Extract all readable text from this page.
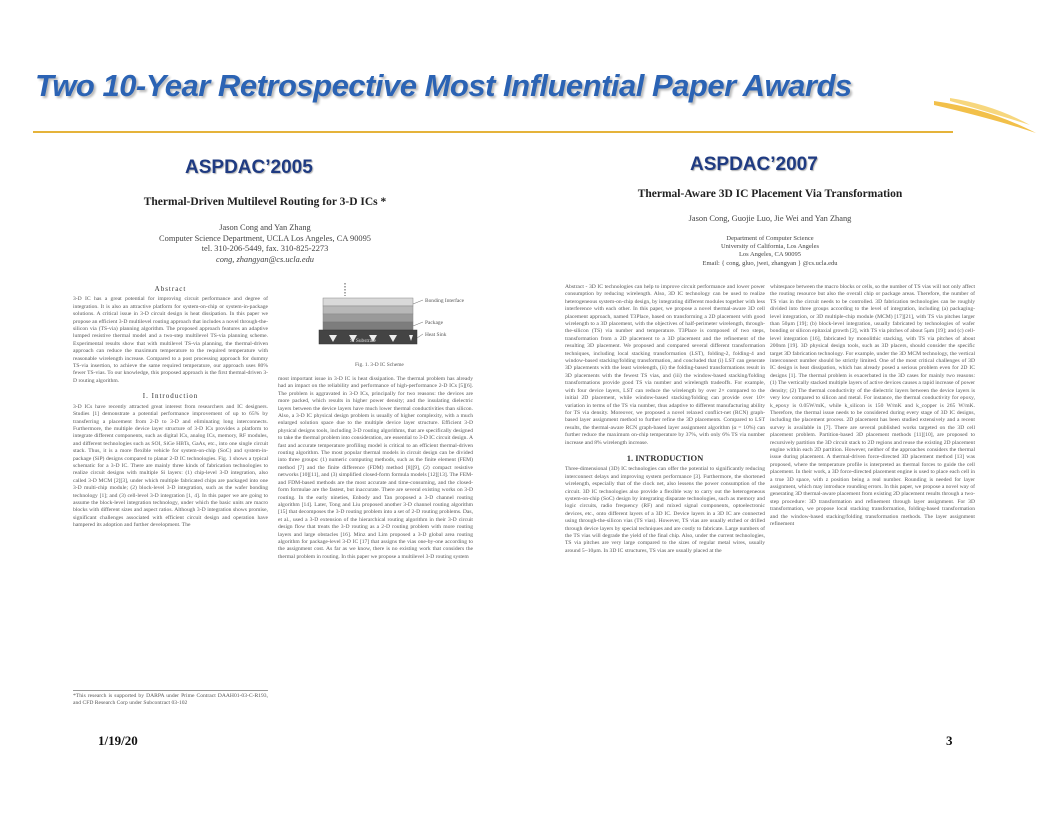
Two 10-Year Retrospective Most Influential Paper Awards
ASPDAC’2005	ASPDAC’2007
Thermal-Driven Multilevel Routing for 3-D ICs *
Jason Cong and Yan Zhang
Computer Science Department, UCLA Los Angeles, CA 90095
tel. 310-206-5449, fax. 310-825-2273
cong, zhangyan@cs.ucla.edu
Abstract
3-D IC has a great potential for improving circuit performance and degree of integration. It is also an attractive platform for system-on-chip or system-in-package solutions. A critical issue in 3-D circuit design is heat dissipation. In this paper we propose an efficient 3-D multilevel routing approach that includes a novel through-the-silicon via (TS-via) planning algorithm. The proposed approach features an adaptive lumped resistive thermal model and a two-step multilevel TS-via planning scheme. Experimental results show that with multilevel TS-via planning, the thermal-driven approach can reduce the maximum temperature to the required temperature with reasonable wirelength increase. Compared to a post processing approach for dummy TS-via insertion, to achieve the same required temperature, our approach uses 80% fewer TS-vias. To our knowledge, this proposed approach is the first thermal-driven 3-D routing algorithm.
I. Introduction
3-D ICs have recently attracted great interest from researchers and IC designers. Studies [1] demonstrate a potential performance improvement of up to 65% by transferring a placement from 2-D to 3-D and eliminating long interconnects. Furthermore, the multiple device layer structure of 3-D ICs provides a platform to integrate different components, such as digital ICs, analog ICs, memory, RF modules, and different technologies such as SOI, SiGe HBTs, GaAs, etc., into one single circuit stack. Thus, it is a more flexible vehicle for system-on-chip (SoC) and system-in-package (SiP) designs compared to planar 2-D IC technologies. Fig. 1 shows a typical schematic for a 3-D IC. There are mainly three kinds of fabrication technologies to realize circuit designs with multiple Si layers: (1) chip-level 3-D integration, also called 3-D MCM [2][3], under which multiple fabricated chips are packaged into one 3-D multi-chip module; (2) block-level 3-D integration, such as the wafer bonding technology [1]; and (3) cell-level 3-D integration [1, 4]. In this paper we are going to assume the block-level integration technology, under which the basic units are macro blocks with different sizes and aspect ratios. Although 3-D integration shows promise, significant challenges associated with efficient circuit design and operation have hampered its adoption and further development. The
*This research is supported by DARPA under Prime Contract DAAH01-03-C-R193, and CFD Research Corp under Subcontract 03-102
Bonding Interface
Package
Heat Sink
Si Substrate
Fig. 1. 3-D IC Scheme
most important issue in 3-D IC is heat dissipation. The thermal problem has already had an impact on the reliability and performance of high-performance 2-D ICs [5][6]. The problem is aggravated in 3-D ICs, principally for two reasons: the devices are more packed, which results in higher power density; and the insulating dielectric layers between the device layers have much lower thermal conductivities than silicon. Also, a 3-D IC physical design problem is usually of higher complexity, with a much enlarged solution space due to the multiple device layer structure. Efficient 3-D physical designs tools, including 3-D routing algorithms, that are specifically designed to take the thermal problem into consideration, are essential to 3-D IC circuit design. A fast and accurate temperature profiling model is critical to an efficient thermal-driven routing algorithm. The most popular thermal models in circuit design can be divided into three groups: (1) numeric computing methods, such as the finite element (FEM) method [7] and the finite difference (FDM) method [8][9], (2) compact resistive networks [10][11], and (3) simplified closed-form formula models [12][13]. The FEM- and FDM-based methods are the most accurate and time-consuming, and the closed-form formulae are the fastest, but inaccurate. There are several existing works on 3-D routing. In the early nineties, Enbody and Tan proposed a 3-D channel routing algorithm [14]. Later, Tong and Liu proposed another 3-D channel routing algorithm [15] that decomposes the 3-D routing problem into a set of 2-D routing problems. Das, et al., used a 3-D extension of the hierarchical routing algorithm in their 3-D circuit design flow that treats the 3-D routing as a 2-D routing problem with more routing layers and large obstacles [16]. Minz and Lim proposed a 3-D global area routing algorithm for package-level 3-D IC [17] that assigns the vias one-by-one according to the assignment cost. As far as we know, there is no existing work that considers the thermal problem in routing. In this paper we propose a multilevel 3-D routing system
Thermal-Aware 3D IC Placement Via Transformation
Jason Cong, Guojie Luo, Jie Wei and Yan Zhang
Department of Computer Science
University of California, Los Angeles
Los Angeles, CA 90095
Email: { cong, gluo, jwei, zhangyan } @cs.ucla.edu
Abstract - 3D IC technologies can help to improve circuit performance and lower power consumption by reducing wirelength. Also, 3D IC technology can be used to realize heterogeneous system-on-chip design, by integrating different modules together with less interference with each other. In this paper, we propose a novel thermal-aware 3D cell placement approach, named T3Place, based on transforming a 2D placement with good wirelength to a 3D placement, with the objectives of half-perimeter wirelength, through-the-silicon (TS) via number and temperature. T3Place is composed of two steps, transformation from a 2D placement to a 3D placement and the refinement of the resulting 3D placement. We proposed and compared several different transformation techniques, including local stacking transformation (LST), folding-2, folding-4 and window-based stacking/folding transformation, and concluded that (i) LST can generate 3D placements with the least wirelength, (ii) the folding-based transformations result in 3D placements with the fewest TS vias, and (iii) the window-based stacking/folding transformations provide good TS via number and wirelength tradeoffs. For example, with four device layers, LST can reduce the wirelength by over 2× compared to the initial 2D placement, while window-based stacking/folding can provide over 10× variation in terms of the TS via number, thus adaptive to different manufacturing ability for TS via density. Moreover, we proposed a novel relaxed conflict-net (RCN) graph-based layer assignment method to further refine the 3D placements. Compared to LST results, the thermal-aware RCN graph-based layer assignment algorithm (α = 10%) can further reduce the maximum on-chip temperature by 37%, with only 6% TS via number increase and 8% wirelength increase.
1. INTRODUCTION
Three-dimensional (3D) IC technologies can offer the potential to significantly reducing interconnect delays and improving system performance [3]. Furthermore, the shortened wirelength, especially that of the clock net, also lessens the power consumption of the circuit. 3D IC technologies also provide a flexible way to carry out the heterogeneous system-on-chip (SoC) design by integrating disparate technologies, such as memory and logic circuits, radio frequency (RF) and mixed signal components, optoelectronic devices, etc., onto different layers of a 3D IC. Device layers in a 3D IC are connected using through-the-silicon vias (TS vias). However, TS vias are usually etched or drilled through device layers by special techniques and are costly to fabricate. Large numbers of the TS vias will degrade the yield of the final chip. Also, under the current technologies, TS via pitches are very large compared to the sizes of regular metal wires, usually around 5~10μm. In 3D IC structures, TS vias are usually placed at the
whitespace between the macro blocks or cells, so the number of TS vias will not only affect the routing resource but also the overall chip or package areas. Therefore, the number of TS vias in the circuit needs to be controlled. 3D fabrication technologies can be roughly divided into three groups according to the level of integration, including (a) packaging-level integration, or 3D multiple-chip module (MCM) [17][21], with TS via pitches larger than 50μm [19]; (b) block-level integration, usually fabricated by technologies of wafer bonding or silicon epitaxial growth [2], with TS via pitches of about 5μm [19]; and (c) cell-level integration [16], fabricated by monolithic stacking, with TS via pitches of about 200nm [19]. 3D physical design tools, such as 3D placers, should consider the specific target 3D fabrication technology. For example, under the 3D MCM technology, the vertical interconnect number should be strictly limited. One of the most critical challenges of 3D IC design is heat dissipation, which has already posed a serious problem even for 2D IC designs [1]. The thermal problem is exacerbated in the 3D cases for mainly two reasons: (1) The vertically stacked multiple layers of active devices causes a rapid increase of power density; (2) The thermal conductivity of the dielectric layers between the device layers is very low compared to silicon and metal. For instance, the thermal conductivity for epoxy, k_epoxy is 0.05W/mK, while k_silicon is 150 W/mK and k_copper is 265 W/mK. Therefore, the thermal issue needs to be considered during every stage of 3D IC designs, including the placement process. 2D placement has been studied extensively and a recent survey is available in [7]. There are several published works targeted on the 3D cell placement problem. Partition-based 3D placement methods [11][10], are proposed to recursively partition the 3D circuit stack to 2D regions and reuse the existing 2D placement engine within each 2D partition. However, neither of the approaches considers the thermal issue during placement. A thermal-driven force-directed 3D placement method [13] was proposed, where the temperature profile is interpreted as thermal forces to guide the cell placement. In their work, a 3D force-directed placement engine is used to place each cell in a true 3D space, with z position being a real number. Rounding is needed for layer assignment, which may introduce rounding errors. In this paper, we propose a novel way of generating 3D thermal-aware placement from existing 2D placement results through a two-step procedure: 3D transformation and refinement through layer assignment. For 3D transformation, we propose local stacking transformation, folding-based transformation and the window-based stacking/folding transformation methods. The layer assignment refinement
1/19/20	3
